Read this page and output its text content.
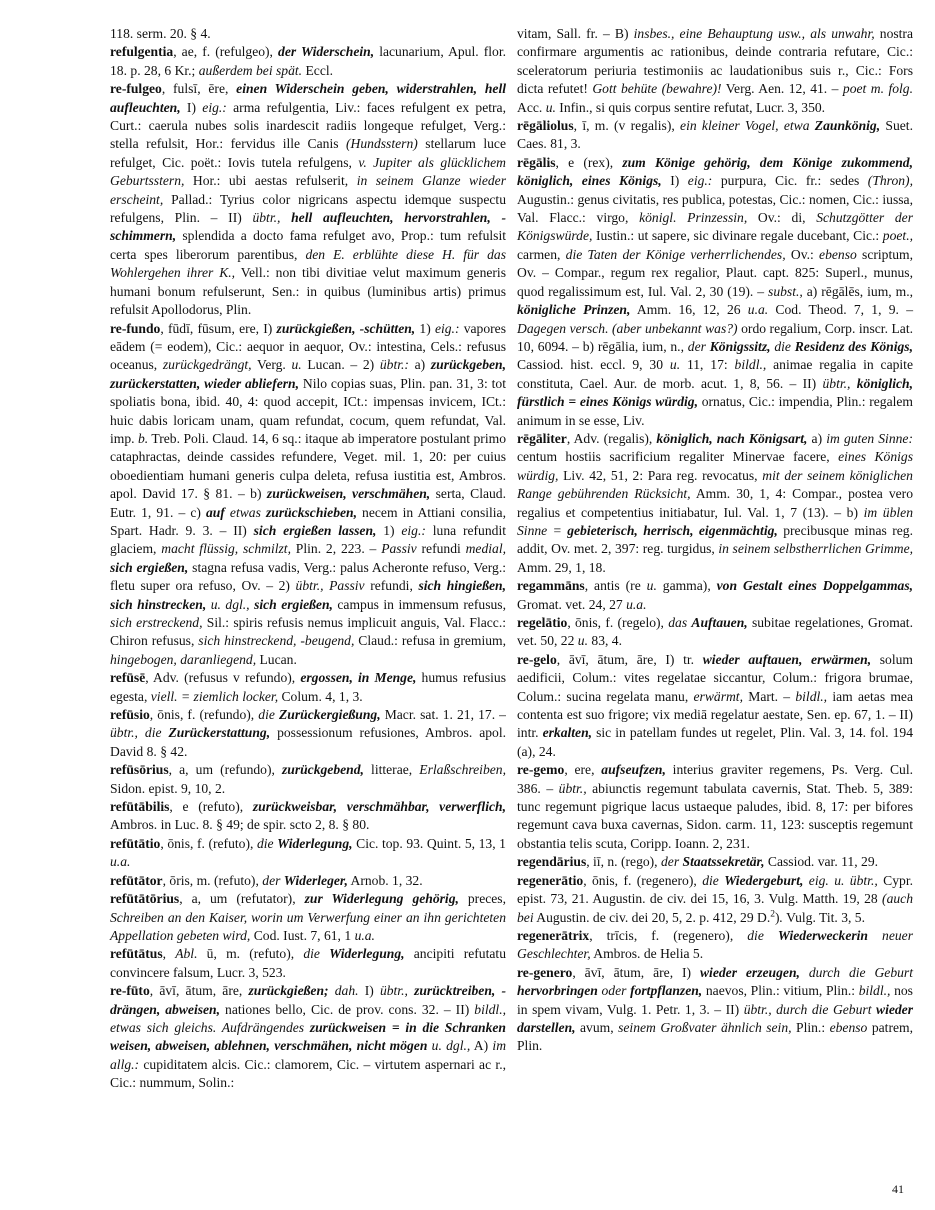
118. serm. 20. § 4.

refulgentia, ae, f. (refulgeo), der Widerschein, lacunarium, Apul. flor. 18. p. 28, 6 Kr.; außerdem bei spät. Eccl.

re-fulgeo, fulsī, ēre, einen Widerschein geben, widerstrahlen, hell aufleuchten, I) eig.: arma refulgentia, Liv.: faces refulgent ex petra, Curt.: caerula nubes solis inardescit radiis longeque refulget, Verg.: stella refulsit, Hor.: fervidus ille Canis (Hundsstern) stellarum luce refulget, Cic. poët.: Iovis tutela refulgens, v. Jupiter als glücklichem Geburtsstern, Hor.: ubi aestas refulserit, in seinem Glanze wieder erscheint, Pallad.: Tyrius color nigricans aspectu idemque suspectu refulgens, Plin. – II) übtr., hell aufleuchten, hervorstrahlen, -schimmern, splendida a docto fama refulget avo, Prop.: tum refulsit certa spes liberorum parentibus, den E. erblühte diese H. für das Wohlergehen ihrer K., Vell.: non tibi divitiae velut maximum generis humani bonum refulserunt, Sen.: in quibus (luminibus artis) primus refulsit Apollodorus, Plin.

re-fundo, fūdī, fūsum, ere, I) zurückgießen, -schütten, 1) eig.: vapores eādem (= eodem), Cic.: aequor in aequor, Ov.: intestina, Cels.: refusus oceanus, zurückgedrängt, Verg. u. Lucan. – 2) übtr.: a) zurückgeben, zurückerstatten, wieder abliefern, Nilo copias suas, Plin. pan. 31, 3: tot spoliatis bona, ibid. 40, 4: quod accepit, ICt.: impensas invicem, ICt.: huic dabis loricam unam, quam refundat, cocum, quem refundat, Val. imp. b. Treb. Poli. Claud. 14, 6 sq.: itaque ab imperatore postulant primo cataphractas, deinde cassides refundere, Veget. mil. 1, 20: per cuius oboedientiam humani generis culpa deleta, refusa iustitia est, Ambros. apol. David 17. § 81. – b) zurückweisen, verschmähen, serta, Claud. Eutr. 1, 91. – c) auf etwas zurückschieben, necem in Attiani consilia, Spart. Hadr. 9. 3. – II) sich ergießen lassen, 1) eig.: luna refundit glaciem, macht flüssig, schmilzt, Plin. 2, 223. – Passiv refundi medial, sich ergießen, stagna refusa vadis, Verg.: palus Acheronte refuso, Verg.: fletu super ora refuso, Ov. – 2) übtr., Passiv refundi, sich hingießen, sich hinstrecken, u. dgl., sich ergießen, campus in immensum refusus, sich erstreckend, Sil.: spiris refusis nemus implicuit anguis, Val. Flacc.: Chiron refusus, sich hinstreckend, -beugend, Claud.: refusa in gremium, hingebogen, daranliegend, Lucan.

refūsē, Adv. (refusus v refundo), ergossen, in Menge, humus refusius egesta, viell. = ziemlich locker, Colum. 4, 1, 3.

refūsio, ōnis, f. (refundo), die Zurückergießung, Macr. sat. 1. 21, 17. – übtr., die Zurückerstattung, possessionum refusiones, Ambros. apol. David 8. § 42.

refūsōrius, a, um (refundo), zurückgebend, litterae, Erlaßschreiben, Sidon. epist. 9, 10, 2.

refūtābilis, e (refuto), zurückweisbar, verschmähbar, verwerflich, Ambros. in Luc. 8. § 49; de spir. scto 2, 8. § 80.

refūtātio, ōnis, f. (refuto), die Widerlegung, Cic. top. 93. Quint. 5, 13, 1 u.a.

refūtātor, ōris, m. (refuto), der Widerleger, Arnob. 1, 32.

refūtātōrius, a, um (refutator), zur Widerlegung gehörig, preces, Schreiben an den Kaiser, worin um Verwerfung einer an ihn gerichteten Appellation gebeten wird, Cod. Iust. 7, 61, 1 u.a.

refūtātus, Abl. ū, m. (refuto), die Widerlegung, ancipiti refutatu convincere falsum, Lucr. 3, 523.

re-fūto, āvī, ātum, āre, zurückgießen; dah. I) übtr., zurücktreiben, -drängen, abweisen, nationes bello, Cic. de prov. cons. 32. – II) bildl., etwas sich gleichs. Aufdrängendes zurückweisen = in die Schranken weisen, abweisen, ablehnen, verschmähen, nicht mögen u. dgl., A) im allg.: cupiditatem alcis. Cic.: clamorem, Cic. – virtutem aspernari ac r., Cic.: nummum, Solin.:

vitam, Sall. fr. – B) insbes., eine Behauptung usw., als unwahr, nostra confirmare argumentis ac rationibus, deinde contraria refutare, Cic.: sceleratorum periuria testimoniis ac laudationibus suis r., Cic.: Fors dicta refutet! Gott behüte (bewahre)! Verg. Aen. 12, 41. – poet m. folg. Acc. u. Infin., si quis corpus sentire refutat, Lucr. 3, 350.

rēgāliolus, ī, m. (v regalis), ein kleiner Vogel, etwa Zaunkönig, Suet. Caes. 81, 3.

rēgālis, e (rex), zum Könige gehörig, dem Könige zukommend, königlich, eines Königs, I) eig.: purpura, Cic. fr.: sedes (Thron), Augustin.: genus civitatis, res publica, potestas, Cic.: nomen, Cic.: iussa, Val. Flacc.: virgo, königl. Prinzessin, Ov.: di, Schutzgötter der Königswürde, Iustin.: ut sapere, sic divinare regale ducebant, Cic.: poet., carmen, die Taten der Könige verherrlichendes, Ov.: ebenso scriptum, Ov. – Compar., regum rex regalior, Plaut. capt. 825: Superl., munus, quod regalissimum est, Iul. Val. 2, 30 (19). – subst., a) rēgālēs, ium, m., königliche Prinzen, Amm. 16, 12, 26 u.a. Cod. Theod. 7, 1, 9. – Dagegen versch. (aber unbekannt was?) ordo regalium, Corp. inscr. Lat. 10, 6094. – b) rēgālia, ium, n., der Königssitz, die Residenz des Königs, Cassiod. hist. eccl. 9, 30 u. 11, 17: bildl., animae regalia in capite constituta, Cael. Aur. de morb. acut. 1, 8, 56. – II) übtr., königlich, fürstlich = eines Königs würdig, ornatus, Cic.: impendia, Plin.: regalem animum in se esse, Liv.

rēgāliter, Adv. (regalis), königlich, nach Königsart, a) im guten Sinne: centum hostiis sacrificium regaliter Minervae facere, eines Königs würdig, Liv. 42, 51, 2: Para reg. revocatus, mit der seinem königlichen Range gebührenden Rücksicht, Amm. 30, 1, 4: Compar., postea vero regalius et competentius initiabatur, Iul. Val. 1, 7 (13). – b) im üblen Sinne = gebieterisch, herrisch, eigenmächtig, precibusque minas reg. addit, Ov. met. 2, 397: reg. turgidus, in seinem selbstherrlichen Grimme, Amm. 29, 1, 18.

regammāns, antis (re u. gamma), von Gestalt eines Doppelgammas, Gromat. vet. 24, 27 u.a.

regelātio, ōnis, f. (regelo), das Auftauen, subitae regelationes, Gromat. vet. 50, 22 u. 83, 4.

re-gelo, āvī, ātum, āre, I) tr. wieder auftauen, erwärmen, solum aedificii, Colum.: vites regelatae siccantur, Colum.: frigora brumae, Colum.: sucina regelata manu, erwärmt, Mart. – bildl., iam aetas mea contenta est suo frigore; vix mediā regelatur aestate, Sen. ep. 67, 1. – II) intr. erkalten, sic in patellam fundes ut regelet, Plin. Val. 3, 14. fol. 194 (a), 24.

re-gemo, ere, aufseufzen, interius graviter regemens, Ps. Verg. Cul. 386. – übtr., abiunctis regemunt tabulata cavernis, Stat. Theb. 5, 389: tunc regemunt pigrique lacus ustaeque paludes, ibid. 8, 17: per bifores regemunt cava buxa cavernas, Sidon. carm. 11, 123: susceptis regemunt obstantia telis scuta, Coripp. Ioann. 2, 231.

regendārius, iī, n. (rego), der Staatssekretär, Cassiod. var. 11, 29.

regenerātio, ōnis, f. (regenero), die Wiedergeburt, eig. u. übtr., Cypr. epist. 73, 21. Augustin. de civ. dei 15, 16, 3. Vulg. Matth. 19, 28 (auch bei Augustin. de civ. dei 20, 5, 2. p. 412, 29 D.$^2$). Vulg. Tit. 3, 5.

regenerātrix, trīcis, f. (regenero), die Wiederweckerin neuer Geschlechter, Ambros. de Helia 5.

re-genero, āvī, ātum, āre, I) wieder erzeugen, durch die Geburt hervorbringen oder fortpflanzen, naevos, Plin.: vitium, Plin.: bildl., nos in spem vivam, Vulg. 1. Petr. 1, 3. – II) übtr., durch die Geburt wieder darstellen, avum, seinem Großvater ähnlich sein, Plin.: ebenso patrem, Plin.

41
